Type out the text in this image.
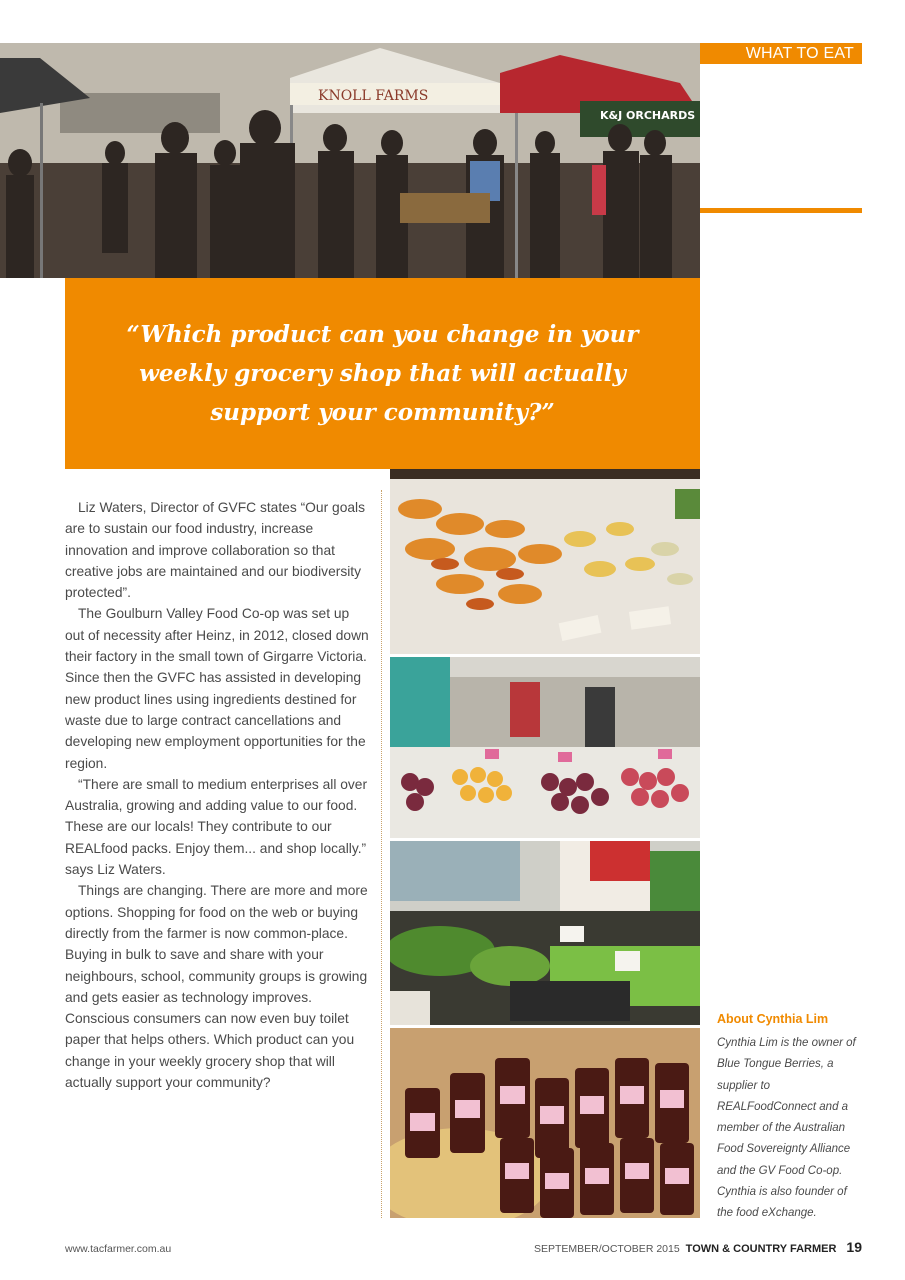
WHAT TO EAT
KNOLL FARMS
K&J ORCHARDS

“Which product can you change in your weekly grocery shop that will actually support your community?”

Liz Waters, Director of GVFC states “Our goals are to sustain our food industry, increase innovation and improve collaboration so that creative jobs are maintained and our biodiversity protected”.

The Goulburn Valley Food Co-op was set up out of necessity after Heinz, in 2012, closed down their factory in the small town of Girgarre Victoria. Since then the GVFC has assisted in developing new product lines using ingredients destined for waste due to large contract cancellations and developing new employment opportunities for the region.

“There are small to medium enterprises all over Australia, growing and adding value to our food. These are our locals! They contribute to our REALfood packs. Enjoy them... and shop locally.” says Liz Waters.

Things are changing. There are more and more options. Shopping for food on the web or buying directly from the farmer is now common-place. Buying in bulk to save and share with your neighbours, school, community groups is growing and gets easier as technology improves. Conscious consumers can now even buy toilet paper that helps others. Which product can you change in your weekly grocery shop that will actually support your community?

About Cynthia Lim

Cynthia Lim is the owner of Blue Tongue Berries, a supplier to REALFoodConnect and a member of the Australian Food Sovereignty Alliance and the GV Food Co-op. Cynthia is also founder of the food eXchange.

www.tacfarmer.com.au	SEPTEMBER/OCTOBER 2015 TOWN & COUNTRY FARMER 19
